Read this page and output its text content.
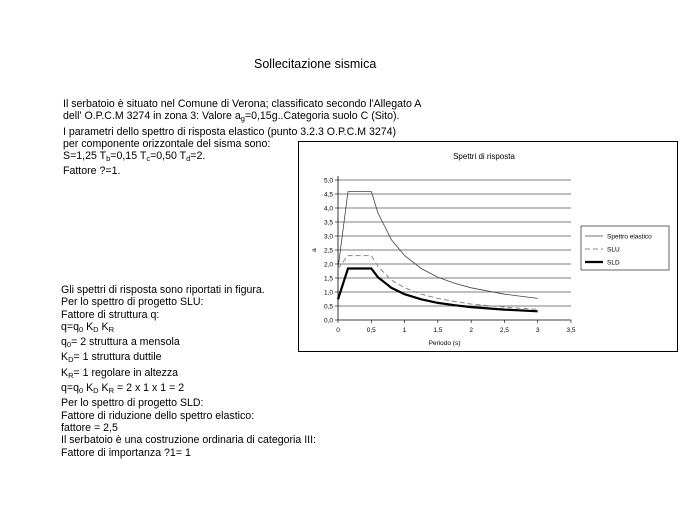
Sollecitazione sismica
Il serbatoio è situato nel Comune di Verona; classificato secondo l'Allegato A
dell' O.P.C.M 3274 in zona 3: Valore $a_g=0,15g..Categoria$ suolo C (Sito).
I parametri dello spettro di risposta elastico (punto 3.2.3 O.P.C.M 3274)
per componente orizzontale del sisma sono:
S=1,25 $T_b=0,15$ $T_c=0,50$ $T_d=2$.
Fattore ?=1.
Spettri di risposta
0,0
0,5
1,0
1,5
2,0
2,5
3,0
3,5
4,0
4,5
5,0
0	0,5	1	1,5	2	2,5	3	3,5
Periodo (s)
a
Spettro elastico
SLU
SLD
Gli spettri di risposta sono riportati in figura.
Per lo spettro di progetto SLU:
Fattore di struttura q:
$q=q_0$ $K_D$ $K_R$
$q_0= 2$ struttura a mensola
$K_D= 1$ struttura duttile
$K_R= 1$ regolare in altezza
$q=q_0$ $K_D$ $K_R = 2$ x 1 x 1 = 2
Per lo spettro di progetto SLD:
Fattore di riduzione dello spettro elastico:
fattore = 2,5
Il serbatoio è una costruzione ordinaria di categoria III:
Fattore di importanza ?1= 1
